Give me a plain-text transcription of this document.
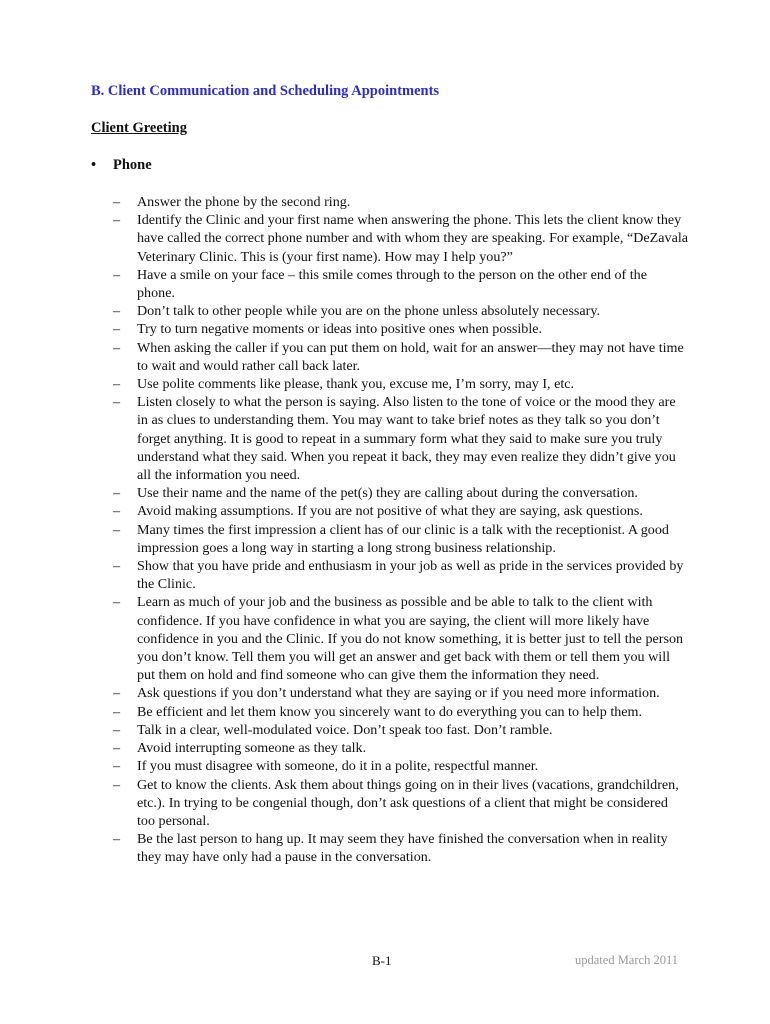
B. Client Communication and Scheduling Appointments
Client Greeting
• Phone
– Answer the phone by the second ring.
– Identify the Clinic and your first name when answering the phone. This lets the client know they have called the correct phone number and with whom they are speaking. For example, “DeZavala Veterinary Clinic. This is (your first name). How may I help you?”
– Have a smile on your face – this smile comes through to the person on the other end of the phone.
– Don’t talk to other people while you are on the phone unless absolutely necessary.
– Try to turn negative moments or ideas into positive ones when possible.
– When asking the caller if you can put them on hold, wait for an answer—they may not have time to wait and would rather call back later.
– Use polite comments like please, thank you, excuse me, I’m sorry, may I, etc.
– Listen closely to what the person is saying. Also listen to the tone of voice or the mood they are in as clues to understanding them. You may want to take brief notes as they talk so you don’t forget anything. It is good to repeat in a summary form what they said to make sure you truly understand what they said. When you repeat it back, they may even realize they didn’t give you all the information you need.
– Use their name and the name of the pet(s) they are calling about during the conversation.
– Avoid making assumptions. If you are not positive of what they are saying, ask questions.
– Many times the first impression a client has of our clinic is a talk with the receptionist. A good impression goes a long way in starting a long strong business relationship.
– Show that you have pride and enthusiasm in your job as well as pride in the services provided by the Clinic.
– Learn as much of your job and the business as possible and be able to talk to the client with confidence. If you have confidence in what you are saying, the client will more likely have confidence in you and the Clinic. If you do not know something, it is better just to tell the person you don’t know. Tell them you will get an answer and get back with them or tell them you will put them on hold and find someone who can give them the information they need.
– Ask questions if you don’t understand what they are saying or if you need more information.
– Be efficient and let them know you sincerely want to do everything you can to help them.
– Talk in a clear, well-modulated voice. Don’t speak too fast. Don’t ramble.
– Avoid interrupting someone as they talk.
– If you must disagree with someone, do it in a polite, respectful manner.
– Get to know the clients. Ask them about things going on in their lives (vacations, grandchildren, etc.). In trying to be congenial though, don’t ask questions of a client that might be considered too personal.
– Be the last person to hang up. It may seem they have finished the conversation when in reality they may have only had a pause in the conversation.
B-1	updated March 2011
